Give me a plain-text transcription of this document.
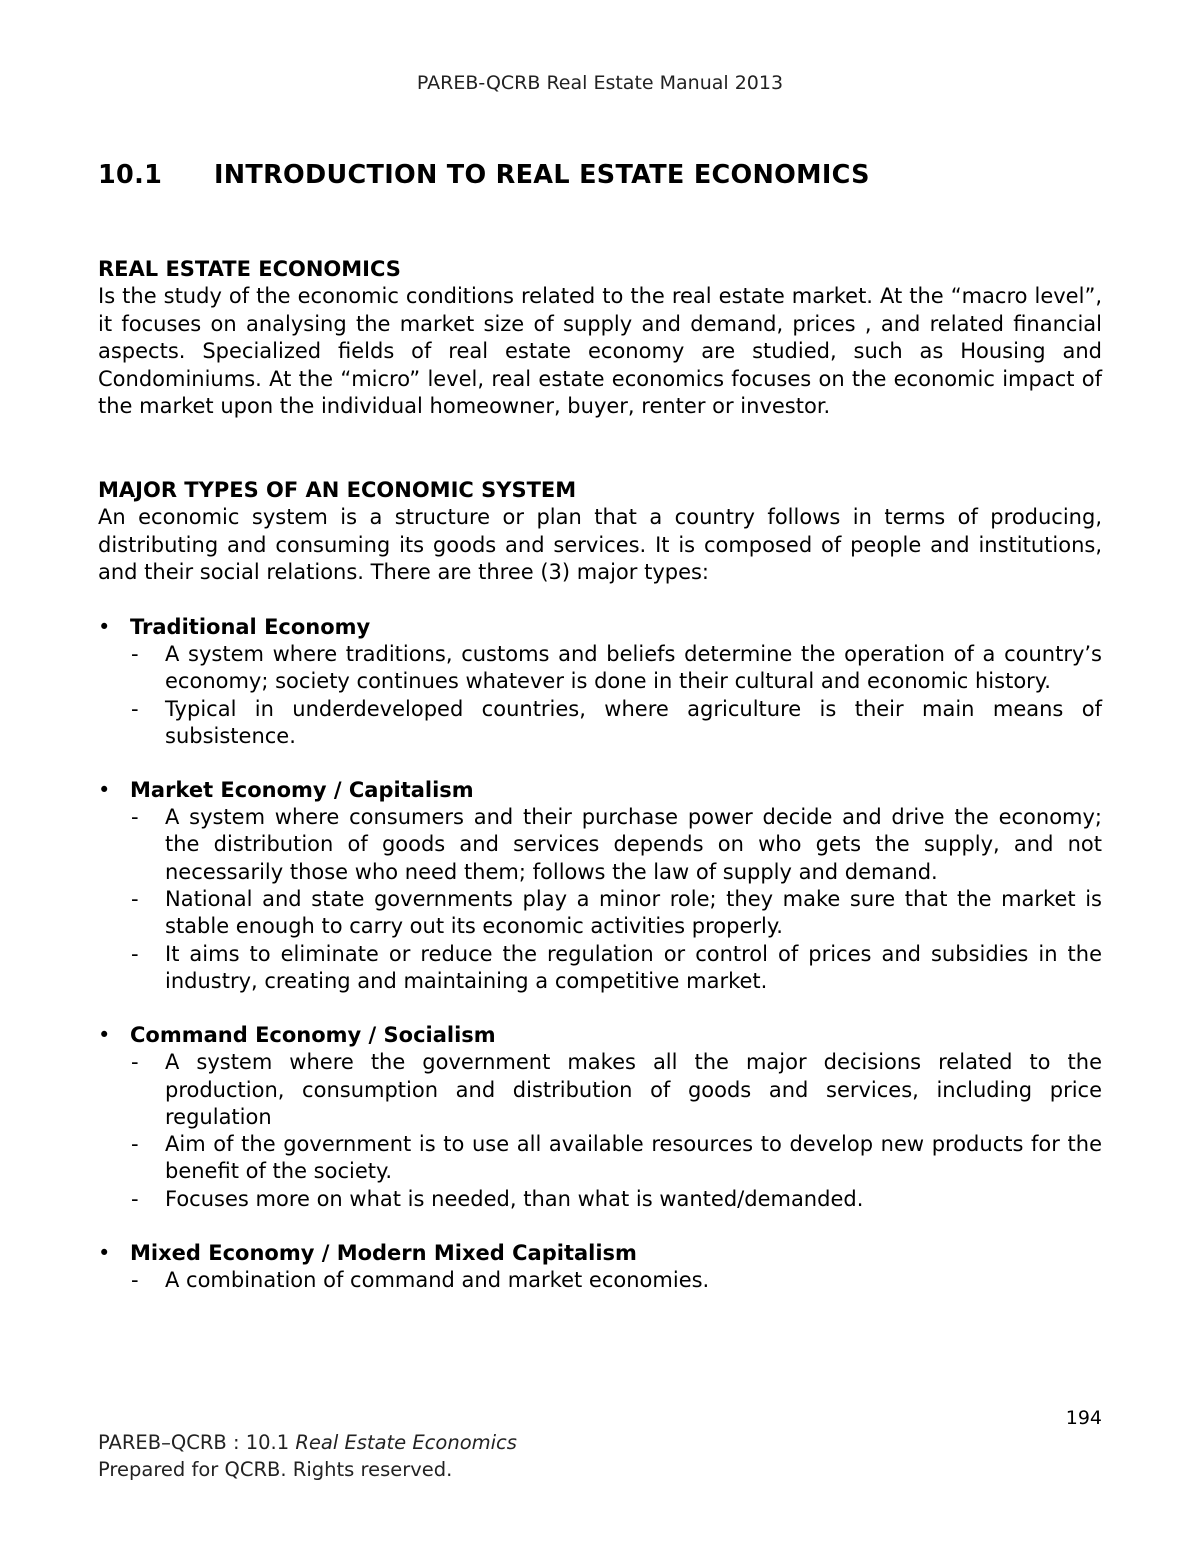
PAREB-QCRB Real Estate Manual 2013
10.1 INTRODUCTION TO REAL ESTATE ECONOMICS
REAL ESTATE ECONOMICS

Is the study of the economic conditions related to the real estate market. At the “macro level”, it focuses on analysing the market size of supply and demand, prices , and related financial aspects. Specialized fields of real estate economy are studied, such as Housing and Condominiums. At the “micro” level, real estate economics focuses on the economic impact of the market upon the individual homeowner, buyer, renter or investor.

MAJOR TYPES OF AN ECONOMIC SYSTEM

An economic system is a structure or plan that a country follows in terms of producing, distributing and consuming its goods and services. It is composed of people and institutions, and their social relations. There are three (3) major types:

• Traditional Economy
- A system where traditions, customs and beliefs determine the operation of a country’s economy; society continues whatever is done in their cultural and economic history.
- Typical in underdeveloped countries, where agriculture is their main means of subsistence.
• Market Economy / Capitalism
- A system where consumers and their purchase power decide and drive the economy; the distribution of goods and services depends on who gets the supply, and not necessarily those who need them; follows the law of supply and demand.
- National and state governments play a minor role; they make sure that the market is stable enough to carry out its economic activities properly.
- It aims to eliminate or reduce the regulation or control of prices and subsidies in the industry, creating and maintaining a competitive market.
• Command Economy / Socialism
- A system where the government makes all the major decisions related to the production, consumption and distribution of goods and services, including price regulation
- Aim of the government is to use all available resources to develop new products for the benefit of the society.
- Focuses more on what is needed, than what is wanted/demanded.
• Mixed Economy / Modern Mixed Capitalism
- A combination of command and market economies.
194
PAREB–QCRB : 10.1 Real Estate Economics
Prepared for QCRB. Rights reserved.
